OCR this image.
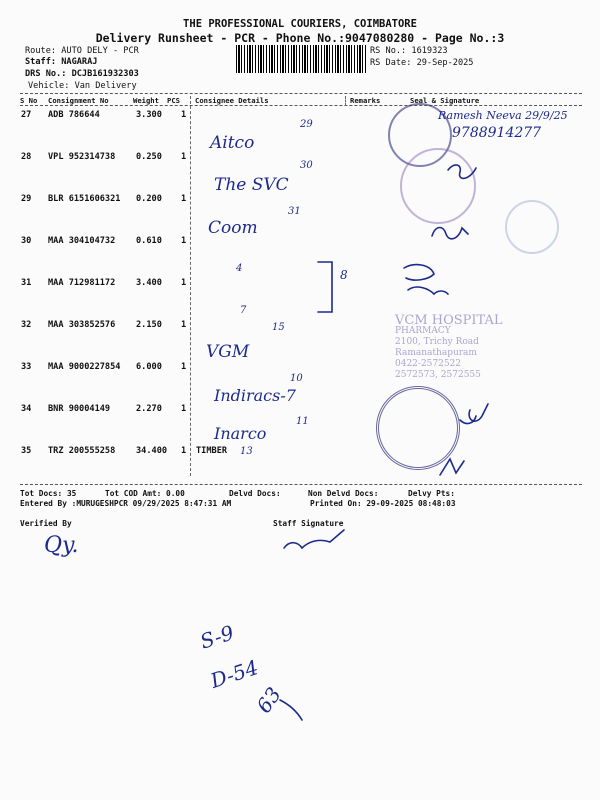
THE PROFESSIONAL COURIERS, COIMBATORE
Delivery Runsheet - PCR - Phone No.:9047080280 - Page No.:3
Route: AUTO DELY - PCR
Staff: NAGARAJ
DRS No.: DCJB161932303
Vehicle: Van Delivery
RS No.: 1619323
RS Date: 29-Sep-2025
S No Consignment No	Weight PCS Consignee Details	Remarks	Seal & Signature
27 ADB 786644	3.300 1
28 VPL 952314738 0.250 1
29 BLR 6151606321 0.200 1
30 MAA 304104732 0.610 1
31 MAA 712981172 3.400 1
32 MAA 303852576 2.150 1
33 MAA 9000227854 6.000 1
34 BNR 90004149	2.270 1
35 TRZ 200555258 34.400 1 TIMBER
Tot Docs: 35	Tot COD Amt: 0.00	Delvd Docs:	Non Delvd Docs:	Delvy Pts:
Entered By :MURUGESHPCR 09/29/2025 8:47:31 AM	Printed On: 29-09-2025 08:48:03
Verified By	Staff Signature
VCM HOSPITAL
PHARMACY
2100, Trichy Road
Ramanathapuram
0422-2572522
2572573, 2572555
Aitco
29
The SVC
30
Coom
31
4
7
15
VGM
10
Indiracs-7
Inarco
11
13
8
Ramesh Neeva 29/9/25
9788914277
Qy.
S-9
D-54
63
